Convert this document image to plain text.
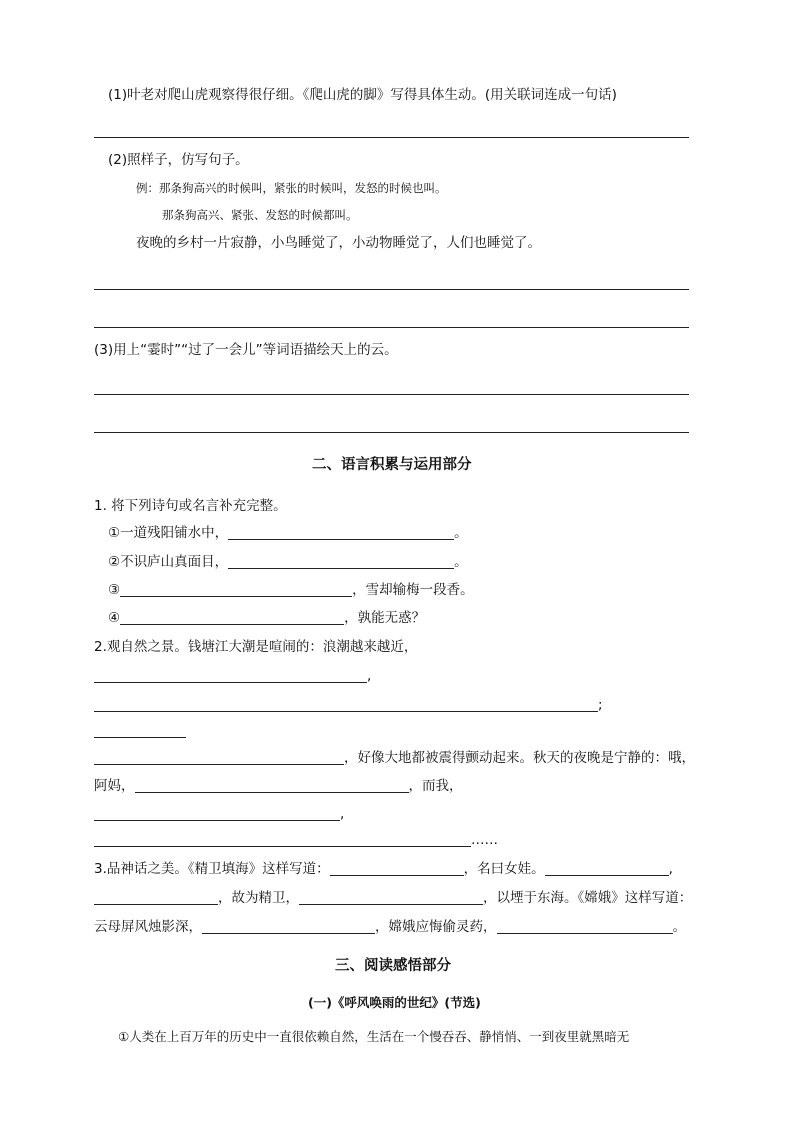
(1)叶老对爬山虎观察得很仔细。《爬山虎的脚》写得具体生动。(用关联词连成一句话)
(2)照样子，仿写句子。
例：那条狗高兴的时候叫，紧张的时候叫，发怒的时候也叫。
那条狗高兴、紧张、发怒的时候都叫。
夜晚的乡村一片寂静，小鸟睡觉了，小动物睡觉了，人们也睡觉了。
(3)用上“霎时”“过了一会儿”等词语描绘天上的云。
二、语言积累与运用部分
1. 将下列诗句或名言补充完整。
①一道残阳铺水中，	。
②不识庐山真面目，	。
③	，雪却输梅一段香。
④	，孰能无惑？
2.观自然之景。钱塘江大潮是喧闹的：浪潮越来越近，
,
;
，好像大地都被震得颤动起来。秋天的夜晚是宁静的：哦，
阿妈，	，而我，
,
……
3.品神话之美。《精卫填海》这样写道：	，名曰女娃。	,
，故为精卫，	，以堙于东海。《嫦娥》这样写道：
云母屏风烛影深，	，嫦娥应悔偷灵药，	。
三、阅读感悟部分
(一)《呼风唤雨的世纪》(节选)
①人类在上百万年的历史中一直很依赖自然，生活在一个慢吞吞、静悄悄、一到夜里就黑暗无
